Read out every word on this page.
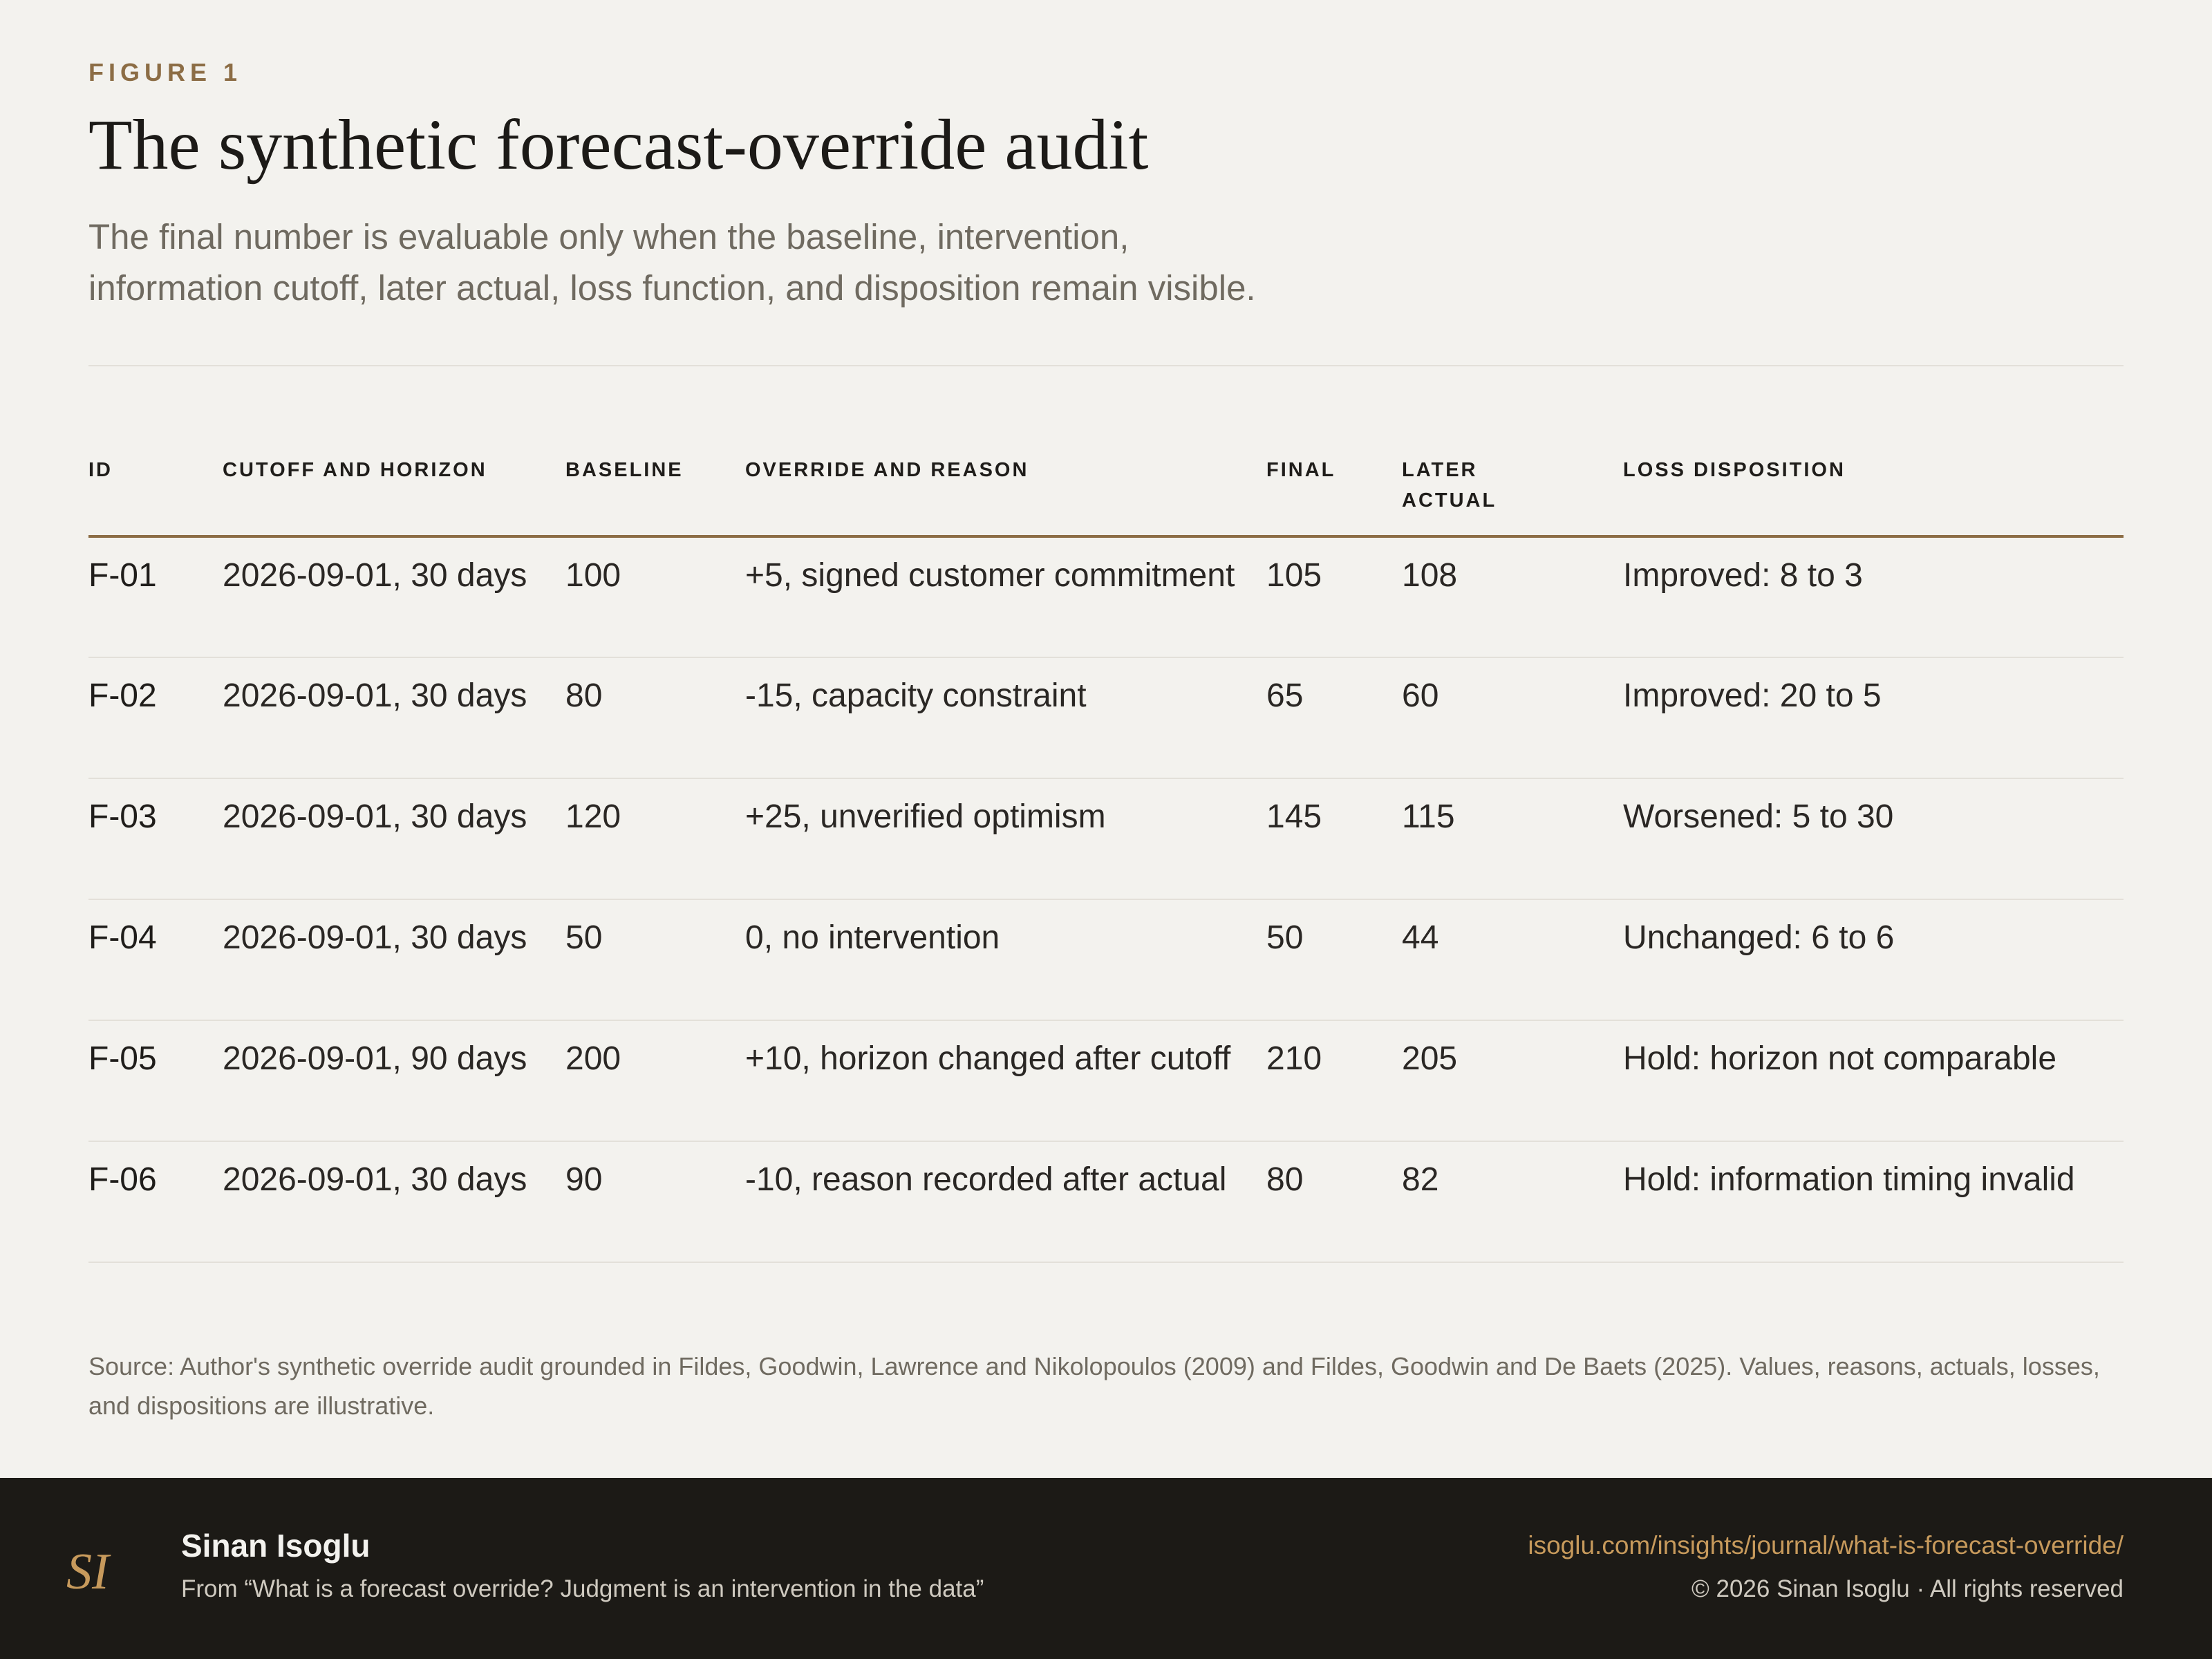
FIGURE 1
The synthetic forecast-override audit

The final number is evaluable only when the baseline, intervention, information cutoff, later actual, loss function, and disposition remain visible.

ID	CUTOFF AND HORIZON	BASELINE	OVERRIDE AND REASON	FINAL	LATER ACTUAL	LOSS DISPOSITION
F-01	2026-09-01, 30 days	100	+5, signed customer commitment	105	108	Improved: 8 to 3
F-02	2026-09-01, 30 days	80	-15, capacity constraint	65	60	Improved: 20 to 5
F-03	2026-09-01, 30 days	120	+25, unverified optimism	145	115	Worsened: 5 to 30
F-04	2026-09-01, 30 days	50	0, no intervention	50	44	Unchanged: 6 to 6
F-05	2026-09-01, 90 days	200	+10, horizon changed after cutoff	210	205	Hold: horizon not comparable
F-06	2026-09-01, 30 days	90	-10, reason recorded after actual	80	82	Hold: information timing invalid

Source: Author's synthetic override audit grounded in Fildes, Goodwin, Lawrence and Nikolopoulos (2009) and Fildes, Goodwin and De Baets (2025). Values, reasons, actuals, losses, and dispositions are illustrative.

SI Sinan Isoglu
From “What is a forecast override? Judgment is an intervention in the data”
isoglu.com/insights/journal/what-is-forecast-override/
© 2026 Sinan Isoglu · All rights reserved
